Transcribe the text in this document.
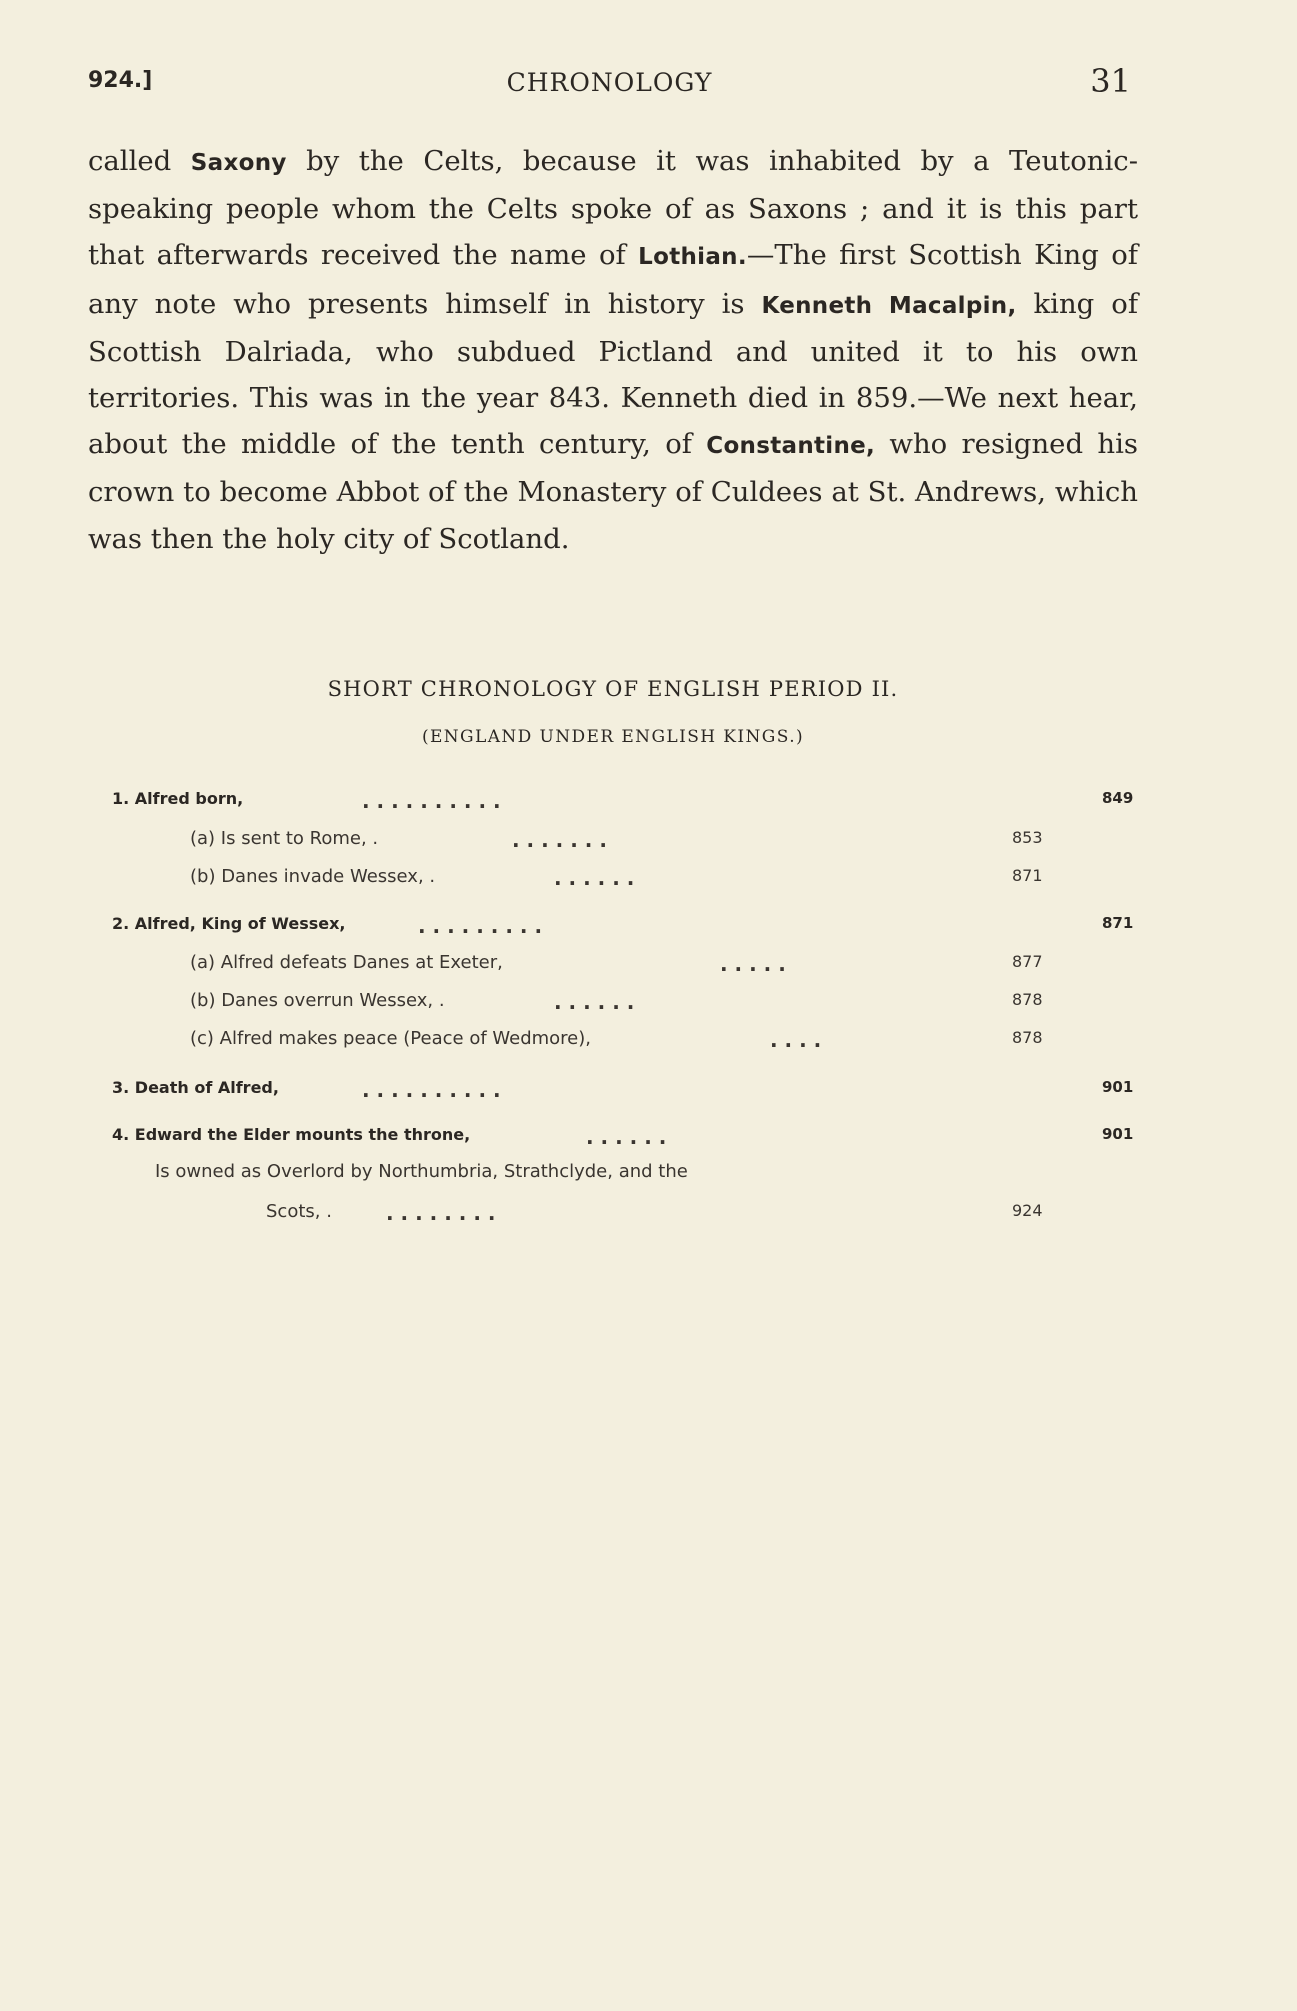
924.]	CHRONOLOGY	31
called Saxony by the Celts, because it was inhabited by a Teutonic-speaking people whom the Celts spoke of as Saxons ; and it is this part that afterwards received the name of Lothian.—The first Scottish King of any note who presents himself in history is Kenneth Macalpin, king of Scottish Dalriada, who subdued Pictland and united it to his own territories. This was in the year 843. Kenneth died in 859.—We next hear, about the middle of the tenth century, of Constantine, who resigned his crown to become Abbot of the Monastery of Culdees at St. Andrews, which was then the holy city of Scotland.
SHORT CHRONOLOGY OF ENGLISH PERIOD II.
(ENGLAND UNDER ENGLISH KINGS.)
1. Alfred born,	. . . . . . . . . .	849
(a) Is sent to Rome, .	. . . . . . .	853
(b) Danes invade Wessex, .	. . . . . .	871
2. Alfred, King of Wessex,	. . . . . . . . .	871
(a) Alfred defeats Danes at Exeter,	. . . . .	877
(b) Danes overrun Wessex, .	. . . . . .	878
(c) Alfred makes peace (Peace of Wedmore),	. . . .	878
3. Death of Alfred,	. . . . . . . . . .	901
4. Edward the Elder mounts the throne,	. . . . . .	901
Is owned as Overlord by Northumbria, Strathclyde, and the
Scots, .	. . . . . . . .	924
